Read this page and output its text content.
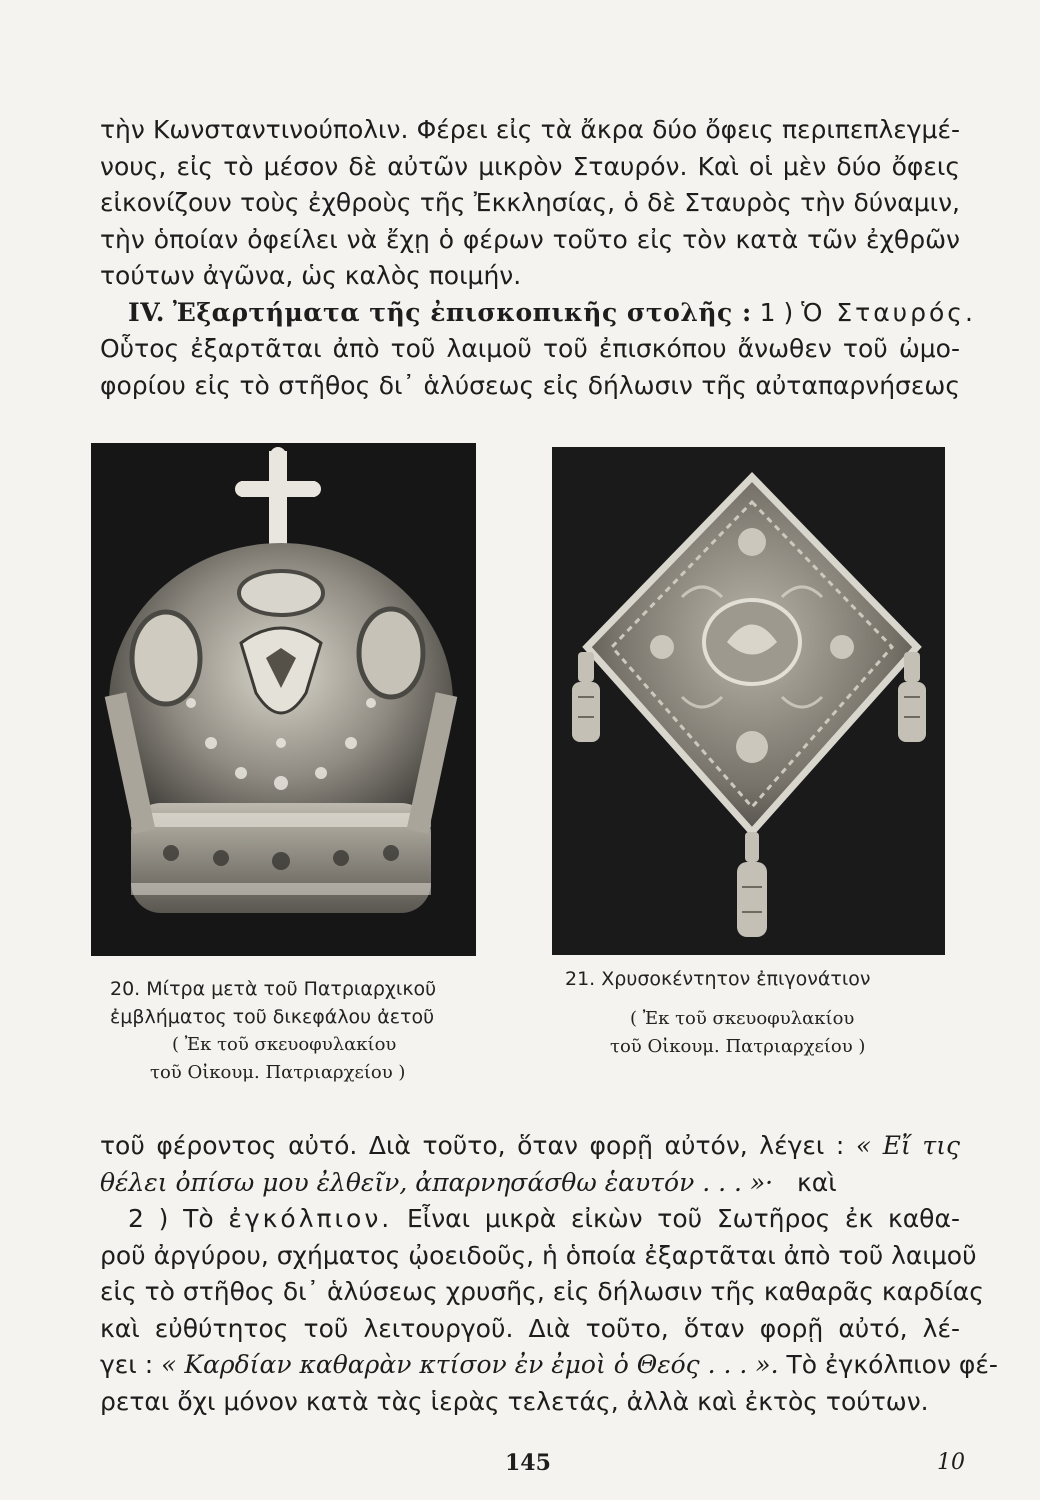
τὴν Κωνσταντινούπολιν. Φέρει εἰς τὰ ἄκρα δύο ὄφεις περιπεπλεγμέ-
νους, εἰς τὸ μέσον δὲ αὐτῶν μικρὸν Σταυρόν. Καὶ οἱ μὲν δύο ὄφεις
εἰκονίζουν τοὺς ἐχθροὺς τῆς Ἐκκλησίας, ὁ δὲ Σταυρὸς τὴν δύναμιν,
τὴν ὁποίαν ὀφείλει νὰ ἔχῃ ὁ φέρων τοῦτο εἰς τὸν κατὰ τῶν ἐχθρῶν
τούτων ἀγῶνα, ὡς καλὸς ποιμήν.
IV. Ἐξαρτήματα τῆς ἐπισκοπικῆς στολῆς : 1 ) Ὁ Σταυρός.
Οὗτος ἐξαρτᾶται ἀπὸ τοῦ λαιμοῦ τοῦ ἐπισκόπου ἄνωθεν τοῦ ὠμο-
φορίου εἰς τὸ στῆθος δι᾿ ἁλύσεως εἰς δήλωσιν τῆς αὐταπαρνήσεως
20. Μίτρα μετὰ τοῦ Πατριαρχικοῦ
ἐμβλήματος τοῦ δικεφάλου ἀετοῦ
( Ἐκ τοῦ σκευοφυλακίου
τοῦ Οἰκουμ. Πατριαρχείου )
21. Χρυσοκέντητον ἐπιγονάτιον
( Ἐκ τοῦ σκευοφυλακίου
τοῦ Οἰκουμ. Πατριαρχείου )
τοῦ φέροντος αὐτό. Διὰ τοῦτο, ὅταν φορῇ αὐτόν, λέγει : « Εἴ τις
θέλει ὀπίσω μου ἐλθεῖν, ἀπαρνησάσθω ἑαυτόν . . . »· καὶ
2 ) Τὸ ἐγκόλπιον. Εἶναι μικρὰ εἰκὼν τοῦ Σωτῆρος ἐκ καθα-
ροῦ ἀργύρου, σχήματος ᾠοειδοῦς, ἡ ὁποία ἐξαρτᾶται ἀπὸ τοῦ λαιμοῦ
εἰς τὸ στῆθος δι᾿ ἁλύσεως χρυσῆς, εἰς δήλωσιν τῆς καθαρᾶς καρδίας
καὶ εὐθύτητος τοῦ λειτουργοῦ. Διὰ τοῦτο, ὅταν φορῇ αὐτό, λέ-
γει : « Καρδίαν καθαρὰν κτίσον ἐν ἐμοὶ ὁ Θεός . . . ». Τὸ ἐγκόλπιον φέ-
ρεται ὄχι μόνον κατὰ τὰς ἱερὰς τελετάς, ἀλλὰ καὶ ἐκτὸς τούτων.
145	10
